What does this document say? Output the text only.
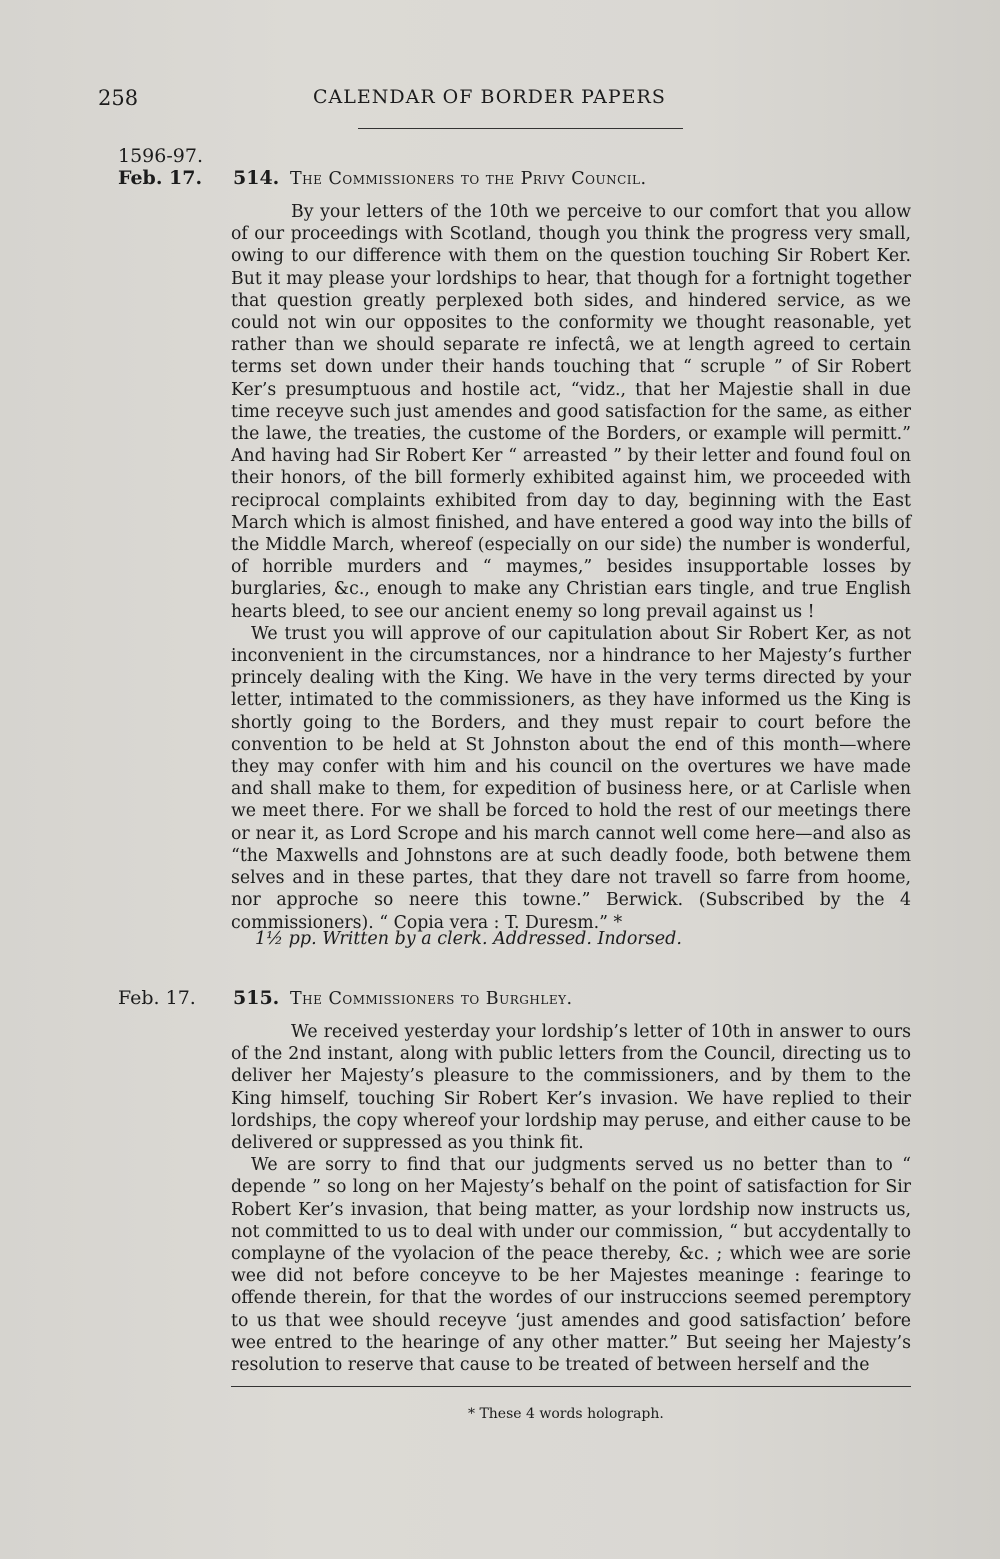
258	CALENDAR OF BORDER PAPERS
1596-97.
Feb. 17. 514. The Commissioners to the Privy Council.

By your letters of the 10th we perceive to our comfort that you allow of our proceedings with Scotland, though you think the progress very small, owing to our difference with them on the question touching Sir Robert Ker. But it may please your lordships to hear, that though for a fortnight together that question greatly perplexed both sides, and hindered service, as we could not win our opposites to the conformity we thought reasonable, yet rather than we should separate re infectâ, we at length agreed to certain terms set down under their hands touching that “ scruple ” of Sir Robert Ker’s presumptuous and hostile act, “vidz., that her Majestie shall in due time receyve such just amendes and good satisfaction for the same, as either the lawe, the treaties, the custome of the Borders, or example will permitt.” And having had Sir Robert Ker “ arreasted ” by their letter and found foul on their honors, of the bill formerly exhibited against him, we proceeded with reciprocal complaints exhibited from day to day, beginning with the East March which is almost finished, and have entered a good way into the bills of the Middle March, whereof (especially on our side) the number is wonderful, of horrible murders and “ maymes,” besides insupportable losses by burglaries, &c., enough to make any Christian ears tingle, and true English hearts bleed, to see our ancient enemy so long prevail against us !

We trust you will approve of our capitulation about Sir Robert Ker, as not inconvenient in the circumstances, nor a hindrance to her Majesty’s further princely dealing with the King. We have in the very terms directed by your letter, intimated to the commissioners, as they have informed us the King is shortly going to the Borders, and they must repair to court before the convention to be held at St Johnston about the end of this month—where they may confer with him and his council on the overtures we have made and shall make to them, for expedition of business here, or at Carlisle when we meet there. For we shall be forced to hold the rest of our meetings there or near it, as Lord Scrope and his march cannot well come here—and also as “the Maxwells and Johnstons are at such deadly foode, both betwene them selves and in these partes, that they dare not travell so farre from hoome, nor approche so neere this towne.” Berwick. (Subscribed by the 4 commissioners). “ Copia vera : T. Duresm.” *

1½ pp. Written by a clerk. Addressed. Indorsed.
Feb. 17. 515. The Commissioners to Burghley.

We received yesterday your lordship’s letter of 10th in answer to ours of the 2nd instant, along with public letters from the Council, directing us to deliver her Majesty’s pleasure to the commissioners, and by them to the King himself, touching Sir Robert Ker’s invasion. We have replied to their lordships, the copy whereof your lordship may peruse, and either cause to be delivered or suppressed as you think fit.

We are sorry to find that our judgments served us no better than to “ depende ” so long on her Majesty’s behalf on the point of satisfaction for Sir Robert Ker’s invasion, that being matter, as your lordship now instructs us, not committed to us to deal with under our commission, “ but accydentally to complayne of the vyolacion of the peace thereby, &c. ; which wee are sorie wee did not before conceyve to be her Majestes meaninge : fearinge to offende therein, for that the wordes of our instruccions seemed peremptory to us that wee should receyve ‘just amendes and good satisfaction’ before wee entred to the hearinge of any other matter.” But seeing her Majesty’s resolution to reserve that cause to be treated of between herself and the

* These 4 words holograph.
